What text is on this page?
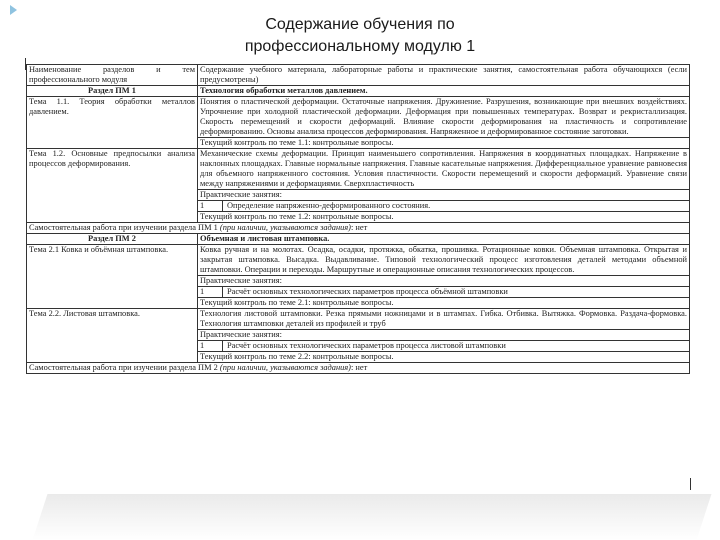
Содержание обучения по
профессиональному модулю 1
Наименование разделов и тем профессионального модуля	Содержание учебного материала, лабораторные работы и практические занятия, самостоятельная работа обучающихся (если предусмотрены)
Раздел ПМ 1	Технология обработки металлов давлением.
Тема 1.1. Теория обработки металлов давлением.	Понятия о пластической деформации. Остаточные напряжения. Дружинение. Разрушения, возникающие при внешних воздействиях. Упрочнение при холодной пластической деформации. Деформация при повышенных температурах. Возврат и рекристаллизация. Скорость перемещений и скорости деформаций. Влияние скорости деформирования на пластичность и сопротивление деформированию. Основы анализа процессов деформирования. Напряженное и деформированное состояние заготовки.
	Текущий контроль по теме 1.1: контрольные вопросы.
Тема 1.2. Основные предпосылки анализа процессов деформирования.	Механические схемы деформации. Принцип наименьшего сопротивления. Напряжения в координатных площадках. Напряжение в наклонных площадках. Главные нормальные напряжения. Главные касательные напряжения. Дифференциальное уравнение равновесия для объемного напряженного состояния. Условия пластичности. Скорости перемещений и скорости деформаций. Уравнение связи между напряжениями и деформациями. Сверхпластичность
	Практические занятия:
	1 Определение напряженно-деформированного состояния.
	Текущий контроль по теме 1.2: контрольные вопросы.
Самостоятельная работа при изучении раздела ПМ 1 (при наличии, указываются задания): нет	
Раздел ПМ 2	Объемная и листовая штамповка.
Тема 2.1 Ковка и объёмная штамповка.	Ковка ручная и на молотах. Осадка, осадки, протяжка, обкатка, прошивка. Ротационные ковки. Объемная штамповка. Открытая и закрытая штамповка. Высадка. Выдавливание. Типовой технологический процесс изготовления деталей методами объемной штамповки. Операции и переходы. Маршрутные и операционные описания технологических процессов.
	Практические занятия:
	1 Расчёт основных технологических параметров процесса объёмной штамповки
	Текущий контроль по теме 2.1: контрольные вопросы.
Тема 2.2. Листовая штамповка.	Технология листовой штамповки. Резка прямыми ножницами и в штампах. Гибка. Отбивка. Вытяжка. Формовка. Раздача-формовка. Технология штамповки деталей из профилей и труб
	Практические занятия:
	1 Расчёт основных технологических параметров процесса листовой штамповки
	Текущий контроль по теме 2.2: контрольные вопросы.
Самостоятельная работа при изучении раздела ПМ 2 (при наличии, указываются задания): нет	
